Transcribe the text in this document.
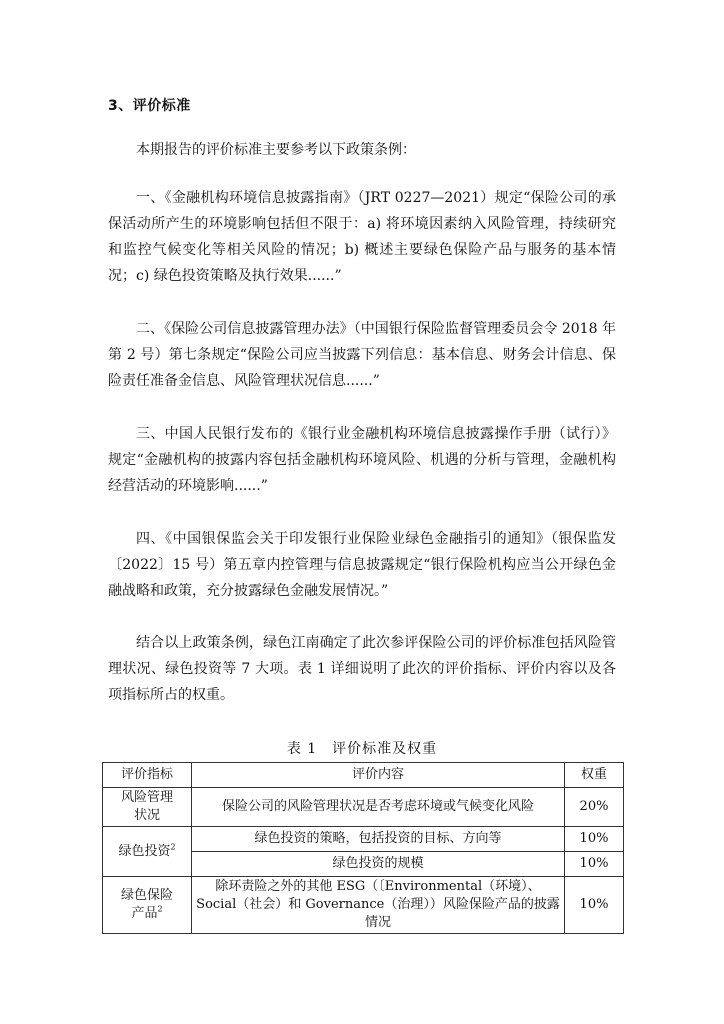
3、评价标准

本期报告的评价标准主要参考以下政策条例：

一、《金融机构环境信息披露指南》（JRT 0227—2021）规定“保险公司的承保活动所产生的环境影响包括但不限于：a) 将环境因素纳入风险管理，持续研究和监控气候变化等相关风险的情况；b) 概述主要绿色保险产品与服务的基本情况；c) 绿色投资策略及执行效果......”

二、《保险公司信息披露管理办法》（中国银行保险监督管理委员会令 2018 年第 2 号）第七条规定“保险公司应当披露下列信息：基本信息、财务会计信息、保险责任准备金信息、风险管理状况信息......”

三、中国人民银行发布的《银行业金融机构环境信息披露操作手册（试行）》规定“金融机构的披露内容包括金融机构环境风险、机遇的分析与管理，金融机构经营活动的环境影响......”

四、《中国银保监会关于印发银行业保险业绿色金融指引的通知》（银保监发〔2022〕15 号）第五章内控管理与信息披露规定“银行保险机构应当公开绿色金融战略和政策，充分披露绿色金融发展情况。”

结合以上政策条例，绿色江南确定了此次参评保险公司的评价标准包括风险管理状况、绿色投资等 7 大项。表 1 详细说明了此次的评价指标、评价内容以及各项指标所占的权重。

表 1　评价标准及权重
评价指标	评价内容	权重
风险管理状况	保险公司的风险管理状况是否考虑环境或气候变化风险	20%
绿色投资$^2$	绿色投资的策略，包括投资的目标、方向等	10%
	绿色投资的规模	10%
绿色保险产品$^2$	除环责险之外的其他 ESG（〔Environmental（环境）、Social（社会）和 Governance（治理））风险保险产品的披露情况	10%
